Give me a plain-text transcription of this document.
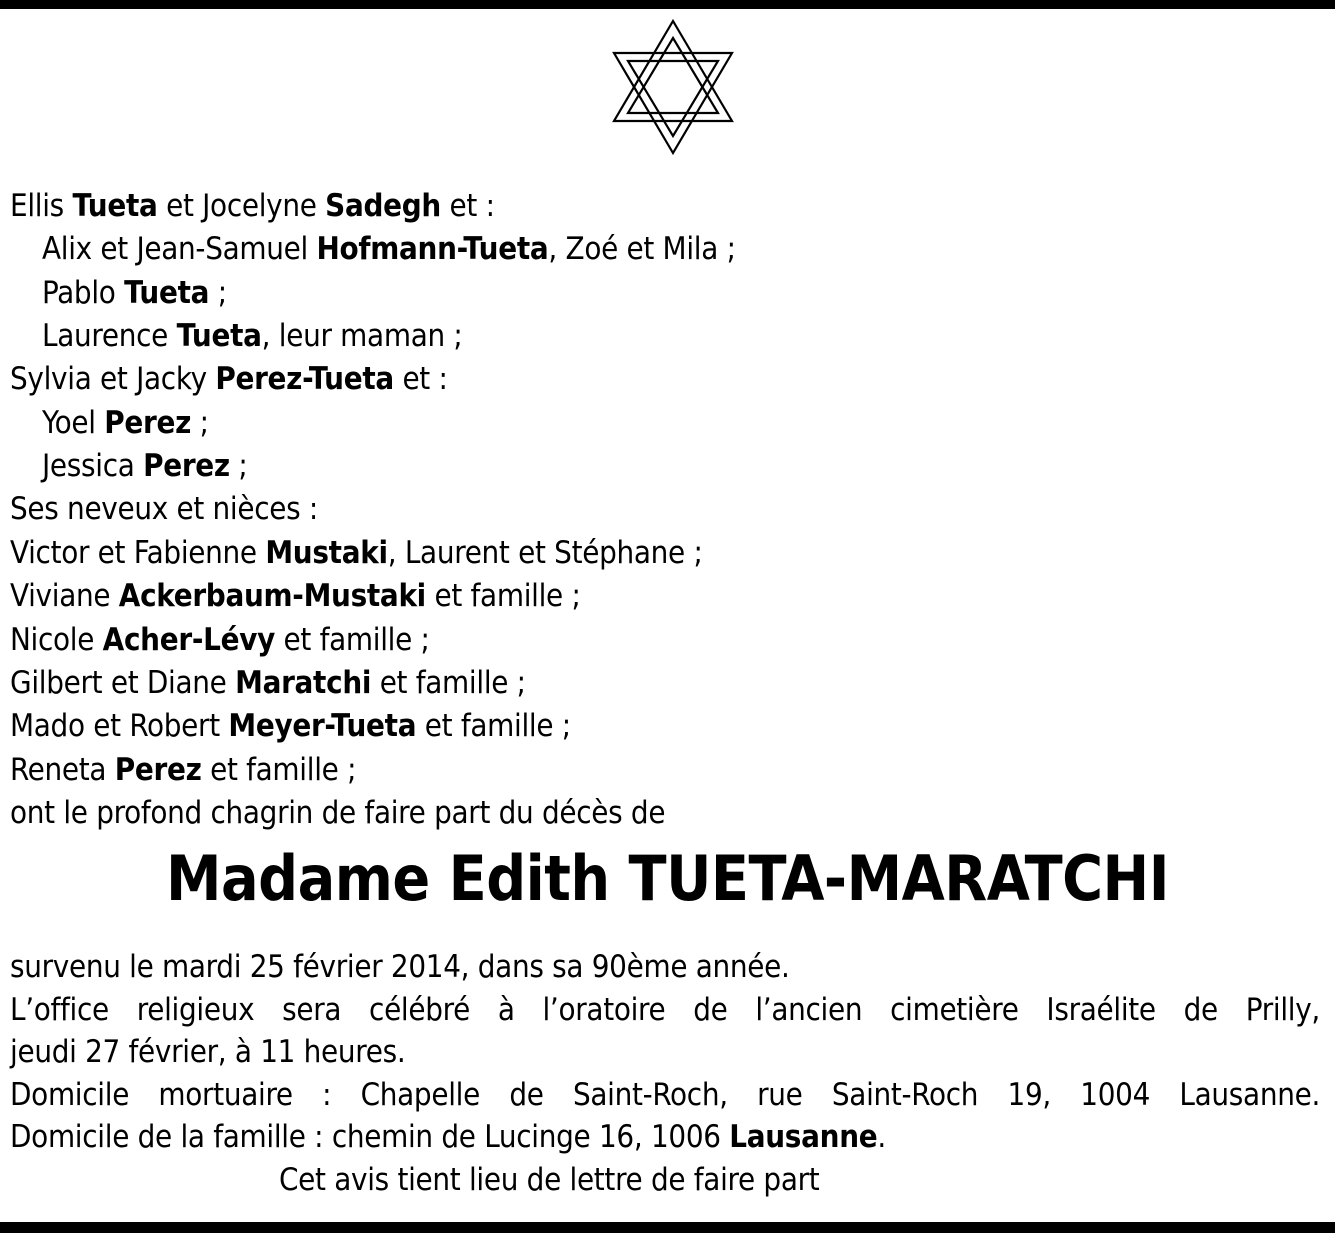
Ellis Tueta et Jocelyne Sadegh et :
Alix et Jean-Samuel Hofmann-Tueta, Zoé et Mila ;
Pablo Tueta ;
Laurence Tueta, leur maman ;
Sylvia et Jacky Perez-Tueta et :
Yoel Perez ;
Jessica Perez ;
Ses neveux et nièces :
Victor et Fabienne Mustaki, Laurent et Stéphane ;
Viviane Ackerbaum-Mustaki et famille ;
Nicole Acher-Lévy et famille ;
Gilbert et Diane Maratchi et famille ;
Mado et Robert Meyer-Tueta et famille ;
Reneta Perez et famille ;
ont le profond chagrin de faire part du décès de
Madame Edith TUETA-MARATCHI
survenu le mardi 25 février 2014, dans sa 90ème année.
L’office religieux sera célébré à l’oratoire de l’ancien cimetière Israélite de Prilly,
jeudi 27 février, à 11 heures.
Domicile mortuaire : Chapelle de Saint-Roch, rue Saint-Roch 19, 1004 Lausanne.
Domicile de la famille : chemin de Lucinge 16, 1006 Lausanne.
Cet avis tient lieu de lettre de faire part
